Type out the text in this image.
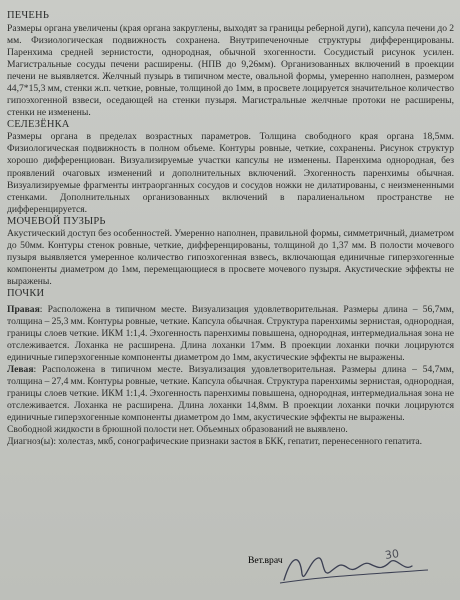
ПЕЧЕНЬ
Размеры органа увеличены (края органа закруглены, выходят за границы реберной дуги), капсула печени до 2 мм. Физиологическая подвижность сохранена. Внутрипеченочные структуры дифференцированы. Паренхима средней зернистости, однородная, обычной эхогенности. Сосудистый рисунок усилен. Магистральные сосуды печени расширены. (НПВ до 9,26мм). Организованных включений в проекции печени не выявляется. Желчный пузырь в типичном месте, овальной формы, умеренно наполнен, размером 44,7*15,3 мм, стенки ж.п. четкие, ровные, толщиной до 1мм, в просвете лоцируется значительное количество гипоэхогенной взвеси, оседающей на стенки пузыря. Магистральные желчные протоки не расширены, стенки не изменены.
СЕЛЕЗЁНКА
Размеры органа в пределах возрастных параметров. Толщина свободного края органа 18,5мм. Физиологическая подвижность в полном объеме. Контуры ровные, четкие, сохранены. Рисунок структур хорошо дифференциован. Визуализируемые участки капсулы не изменены. Паренхима однородная, без проявлений очаговых изменений и дополнительных включений. Эхогенность паренхимы обычная. Визуализируемые фрагменты интраорганных сосудов и сосудов ножки не дилатированы, с неизмененными стенками. Дополнительных организованных включений в паралиенальном пространстве не дифференцируется.
МОЧЕВОЙ ПУЗЫРЬ
Акустический доступ без особенностей. Умеренно наполнен, правильной формы, симметричный, диаметром до 50мм. Контуры стенок ровные, четкие, дифференцированы, толщиной до 1,37 мм. В полости мочевого пузыря выявляется умеренное количество гипоэхогенная взвесь, включающая единичные гиперэхогенные компоненты диаметром до 1мм, перемещающиеся в просвете мочевого пузыря. Акустические эффекты не выражены.
ПОЧКИ
Правая: Расположена в типичном месте. Визуализация удовлетворительная. Размеры длина – 56,7мм, толщина – 25,3 мм. Контуры ровные, четкие. Капсула обычная. Структура паренхимы зернистая, однородная, границы слоев четкие. ИКМ 1:1,4. Эхогенность паренхимы повышена, однородная, интермедиальная зона не отслеживается. Лоханка не расширена. Длина лоханки 17мм. В проекции лоханки почки лоцируются единичные гиперэхогенные компоненты диаметром до 1мм, акустические эффекты не выражены.
Левая: Расположена в типичном месте. Визуализация удовлетворительная. Размеры длина – 54,7мм, толщина – 27,4 мм. Контуры ровные, четкие. Капсула обычная. Структура паренхимы зернистая, однородная, границы слоев четкие. ИКМ 1:1,4. Эхогенность паренхимы повышена, однородная, интермедиальная зона не отслеживается. Лоханка не расширена. Длина лоханки 14,8мм. В проекции лоханки почки лоцируются единичные гиперэхогенные компоненты диаметром до 1мм, акустические эффекты не выражены.
Свободной жидкости в брюшной полости нет. Объемных образований не выявлено.
Диагноз(ы): холестаз, мкб, сонографические признаки застоя в БКК, гепатит, перенесенного гепатита.
Вет.врач	30
